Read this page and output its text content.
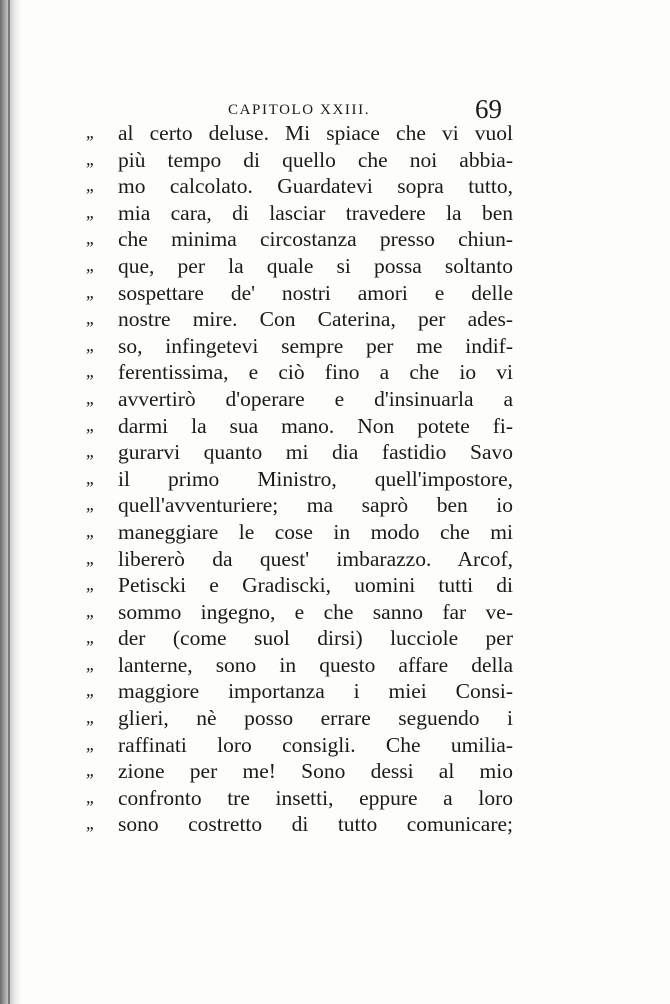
CAPITOLO XXIII.	69
,, al certo deluse. Mi spiace che vi vuol
,, più tempo di quello che noi abbia-
,, mo calcolato. Guardatevi sopra tutto,
,, mia cara, di lasciar travedere la ben
,, che minima circostanza presso chiun-
,, que, per la quale si possa soltanto
,, sospettare de' nostri amori e delle
,, nostre mire. Con Caterina, per ades-
,, so, infingetevi sempre per me indif-
,, ferentissima, e ciò fino a che io vi
,, avvertirò d'operare e d'insinuarla a
,, darmi la sua mano. Non potete fi-
,, gurarvi quanto mi dia fastidio Savo
,, il primo Ministro, quell'impostore,
,, quell'avventuriere; ma saprò ben io
,, maneggiare le cose in modo che mi
,, libererò da quest' imbarazzo. Arcof,
,, Petiscki e Gradiscki, uomini tutti di
,, sommo ingegno, e che sanno far ve-
,, der (come suol dirsi) lucciole per
,, lanterne, sono in questo affare della
,, maggiore importanza i miei Consi-
,, glieri, nè posso errare seguendo i
,, raffinati loro consigli. Che umilia-
,, zione per me! Sono dessi al mio
,, confronto tre insetti, eppure a loro
,, sono costretto di tutto comunicare;
